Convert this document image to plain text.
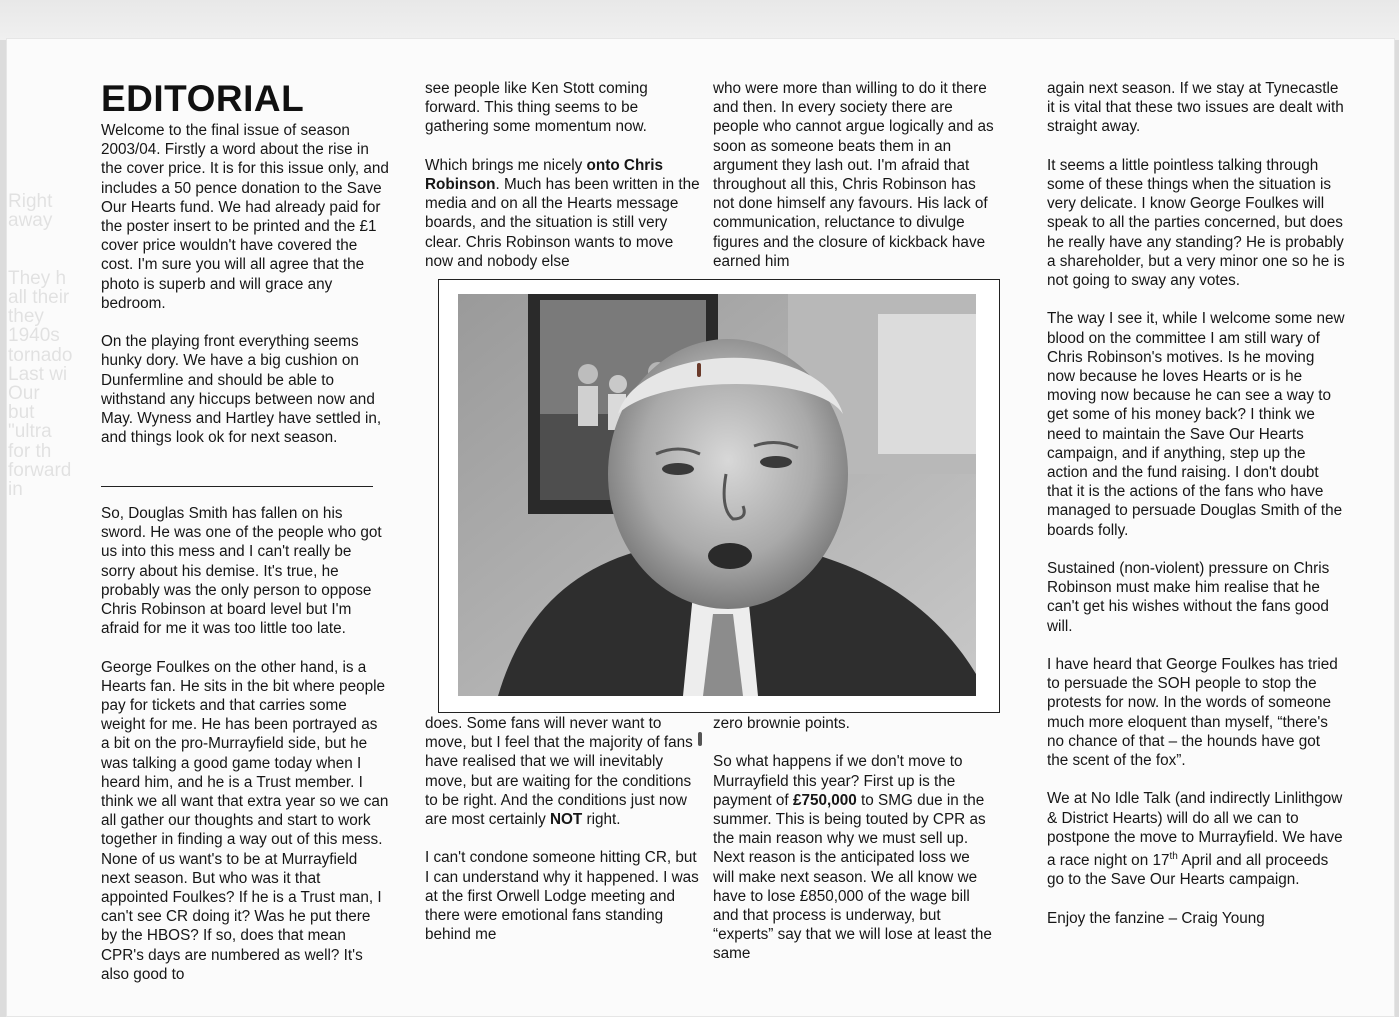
Right
away

They h
all their
they
1940s
tornado
Last wi
Our
but
"ultra
for th
forward
in
EDITORIAL

Welcome to the final issue of season 2003/04. Firstly a word about the rise in the cover price. It is for this issue only, and includes a 50 pence donation to the Save Our Hearts fund. We had already paid for the poster insert to be printed and the £1 cover price wouldn't have covered the cost. I'm sure you will all agree that the photo is superb and will grace any bedroom.

On the playing front everything seems hunky dory. We have a big cushion on Dunfermline and should be able to withstand any hiccups between now and May. Wyness and Hartley have settled in, and things look ok for next season.

So, Douglas Smith has fallen on his sword. He was one of the people who got us into this mess and I can't really be sorry about his demise. It's true, he probably was the only person to oppose Chris Robinson at board level but I'm afraid for me it was too little too late.

George Foulkes on the other hand, is a Hearts fan. He sits in the bit where people pay for tickets and that carries some weight for me. He has been portrayed as a bit on the pro-Murrayfield side, but he was talking a good game today when I heard him, and he is a Trust member. I think we all want that extra year so we can all gather our thoughts and start to work together in finding a way out of this mess. None of us want's to be at Murrayfield next season. But who was it that appointed Foulkes? If he is a Trust man, I can't see CR doing it? Was he put there by the HBOS? If so, does that mean CPR's days are numbered as well? It's also good to

see people like Ken Stott coming forward. This thing seems to be gathering some momentum now.

Which brings me nicely onto Chris Robinson. Much has been written in the media and on all the Hearts message boards, and the situation is still very clear. Chris Robinson wants to move now and nobody else

who were more than willing to do it there and then. In every society there are people who cannot argue logically and as soon as someone beats them in an argument they lash out. I'm afraid that throughout all this, Chris Robinson has not done himself any favours. His lack of communication, reluctance to divulge figures and the closure of kickback have earned him

does. Some fans will never want to move, but I feel that the majority of fans have realised that we will inevitably move, but are waiting for the conditions to be right. And the conditions just now are most certainly NOT right.

I can't condone someone hitting CR, but I can understand why it happened. I was at the first Orwell Lodge meeting and there were emotional fans standing behind me

zero brownie points.

So what happens if we don't move to Murrayfield this year? First up is the payment of £750,000 to SMG due in the summer. This is being touted by CPR as the main reason why we must sell up. Next reason is the anticipated loss we will make next season. We all know we have to lose £850,000 of the wage bill and that process is underway, but “experts” say that we will lose at least the same

again next season. If we stay at Tynecastle it is vital that these two issues are dealt with straight away.

It seems a little pointless talking through some of these things when the situation is very delicate. I know George Foulkes will speak to all the parties concerned, but does he really have any standing? He is probably a shareholder, but a very minor one so he is not going to sway any votes.

The way I see it, while I welcome some new blood on the committee I am still wary of Chris Robinson's motives. Is he moving now because he loves Hearts or is he moving now because he can see a way to get some of his money back? I think we need to maintain the Save Our Hearts campaign, and if anything, step up the action and the fund raising. I don't doubt that it is the actions of the fans who have managed to persuade Douglas Smith of the boards folly.

Sustained (non-violent) pressure on Chris Robinson must make him realise that he can't get his wishes without the fans good will.

I have heard that George Foulkes has tried to persuade the SOH people to stop the protests for now. In the words of someone much more eloquent than myself, “there's no chance of that – the hounds have got the scent of the fox”.

We at No Idle Talk (and indirectly Linlithgow & District Hearts) will do all we can to postpone the move to Murrayfield. We have a race night on 17th April and all proceeds go to the Save Our Hearts campaign.

Enjoy the fanzine – Craig Young
